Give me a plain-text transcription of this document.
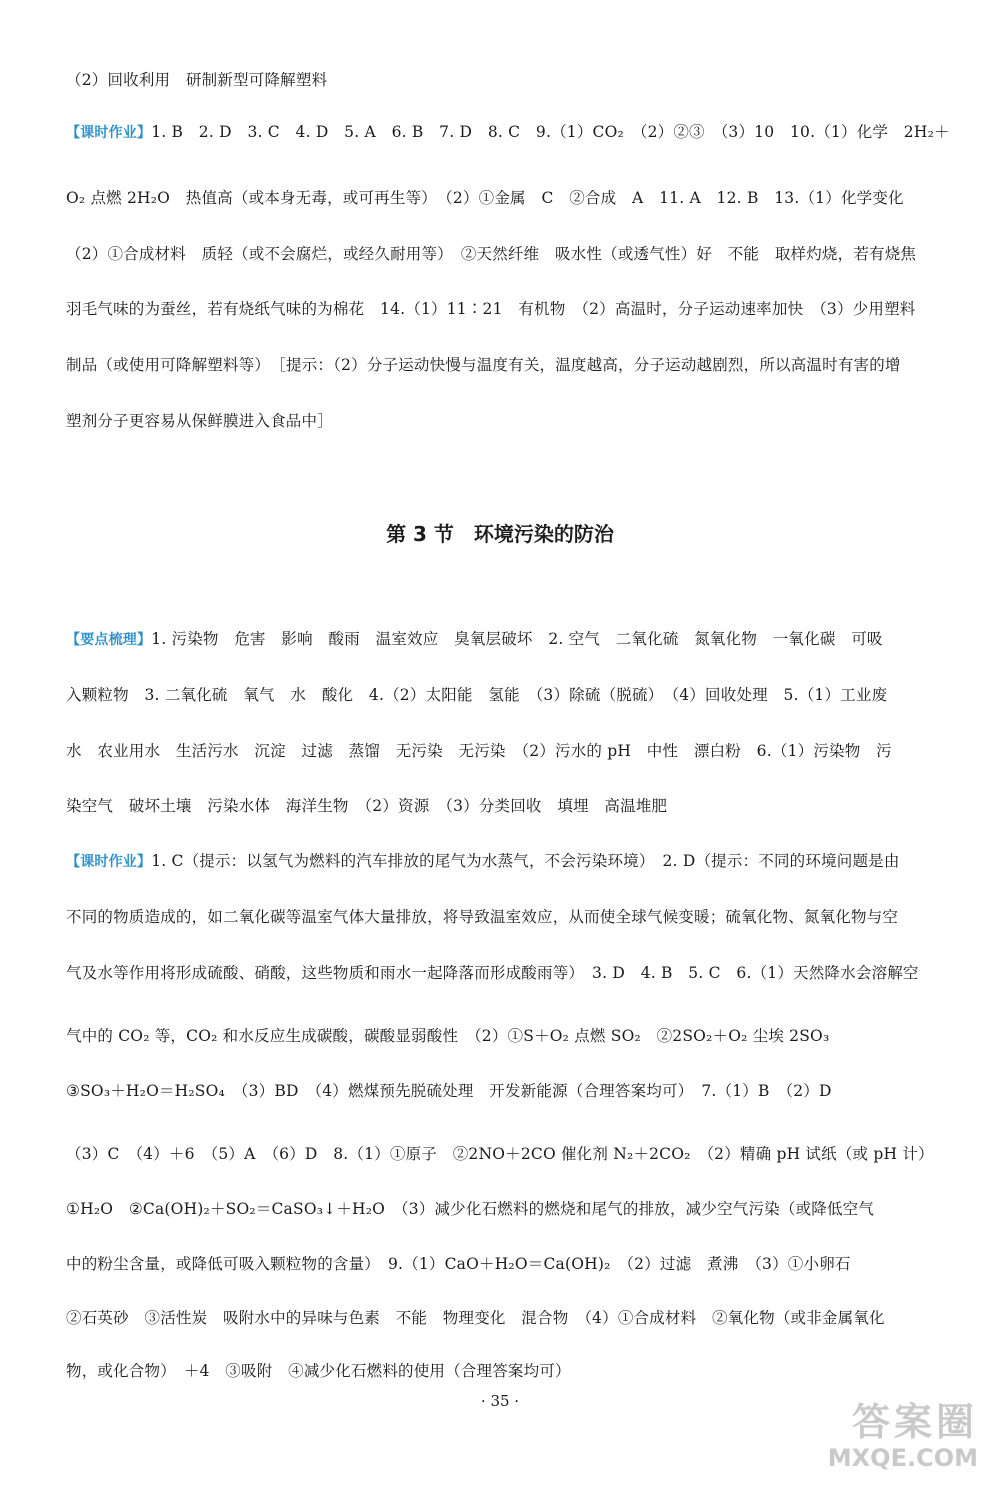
（2）回收利用　研制新型可降解塑料
【课时作业】1. B　2. D　3. C　4. D　5. A　6. B　7. D　8. C　9.（1）CO₂　（2）②③　（3）10　10.（1）化学　2H₂＋
O₂ 点燃 2H₂O　热值高（或本身无毒，或可再生等）　（2）①金属　C　②合成　A　11. A　12. B　13.（1）化学变化
（2）①合成材料　质轻（或不会腐烂，或经久耐用等）　②天然纤维　吸水性（或透气性）好　不能　取样灼烧，若有烧焦
羽毛气味的为蚕丝，若有烧纸气味的为棉花　14.（1）11∶21　有机物　（2）高温时，分子运动速率加快　（3）少用塑料
制品（或使用可降解塑料等）　［提示：（2）分子运动快慢与温度有关，温度越高，分子运动越剧烈，所以高温时有害的增
塑剂分子更容易从保鲜膜进入食品中］
第 3 节　环境污染的防治
【要点梳理】1. 污染物　危害　影响　酸雨　温室效应　臭氧层破坏　2. 空气　二氧化硫　氮氧化物　一氧化碳　可吸
入颗粒物　3. 二氧化硫　氧气　水　酸化　4.（2）太阳能　氢能　（3）除硫（脱硫）　（4）回收处理　5.（1）工业废
水　农业用水　生活污水　沉淀　过滤　蒸馏　无污染　无污染　（2）污水的 pH　中性　漂白粉　6.（1）污染物　污
染空气　破坏土壤　污染水体　海洋生物　（2）资源　（3）分类回收　填埋　高温堆肥
【课时作业】1. C（提示：以氢气为燃料的汽车排放的尾气为水蒸气，不会污染环境）　2. D（提示：不同的环境问题是由
不同的物质造成的，如二氧化碳等温室气体大量排放，将导致温室效应，从而使全球气候变暖；硫氧化物、氮氧化物与空
气及水等作用将形成硫酸、硝酸，这些物质和雨水一起降落而形成酸雨等）　3. D　4. B　5. C　6.（1）天然降水会溶解空
气中的 CO₂ 等，CO₂ 和水反应生成碳酸，碳酸显弱酸性　（2）①S＋O₂ 点燃 SO₂　②2SO₂＋O₂ 尘埃 2SO₃
③SO₃＋H₂O＝H₂SO₄　（3）BD　（4）燃煤预先脱硫处理　开发新能源（合理答案均可）　7.（1）B　（2）D
（3）C　（4）＋6　（5）A　（6）D　8.（1）①原子　②2NO＋2CO 催化剂 N₂＋2CO₂　（2）精确 pH 试纸（或 pH 计）
①H₂O　②Ca(OH)₂＋SO₂＝CaSO₃↓＋H₂O　（3）减少化石燃料的燃烧和尾气的排放，减少空气污染（或降低空气
中的粉尘含量，或降低可吸入颗粒物的含量）　9.（1）CaO＋H₂O＝Ca(OH)₂　（2）过滤　煮沸　（3）①小卵石
②石英砂　③活性炭　吸附水中的异味与色素　不能　物理变化　混合物　（4）①合成材料　②氧化物（或非金属氧化
物，或化合物）　＋4　③吸附　④减少化石燃料的使用（合理答案均可）
· 35 ·	答案圈
MXQE.COM
